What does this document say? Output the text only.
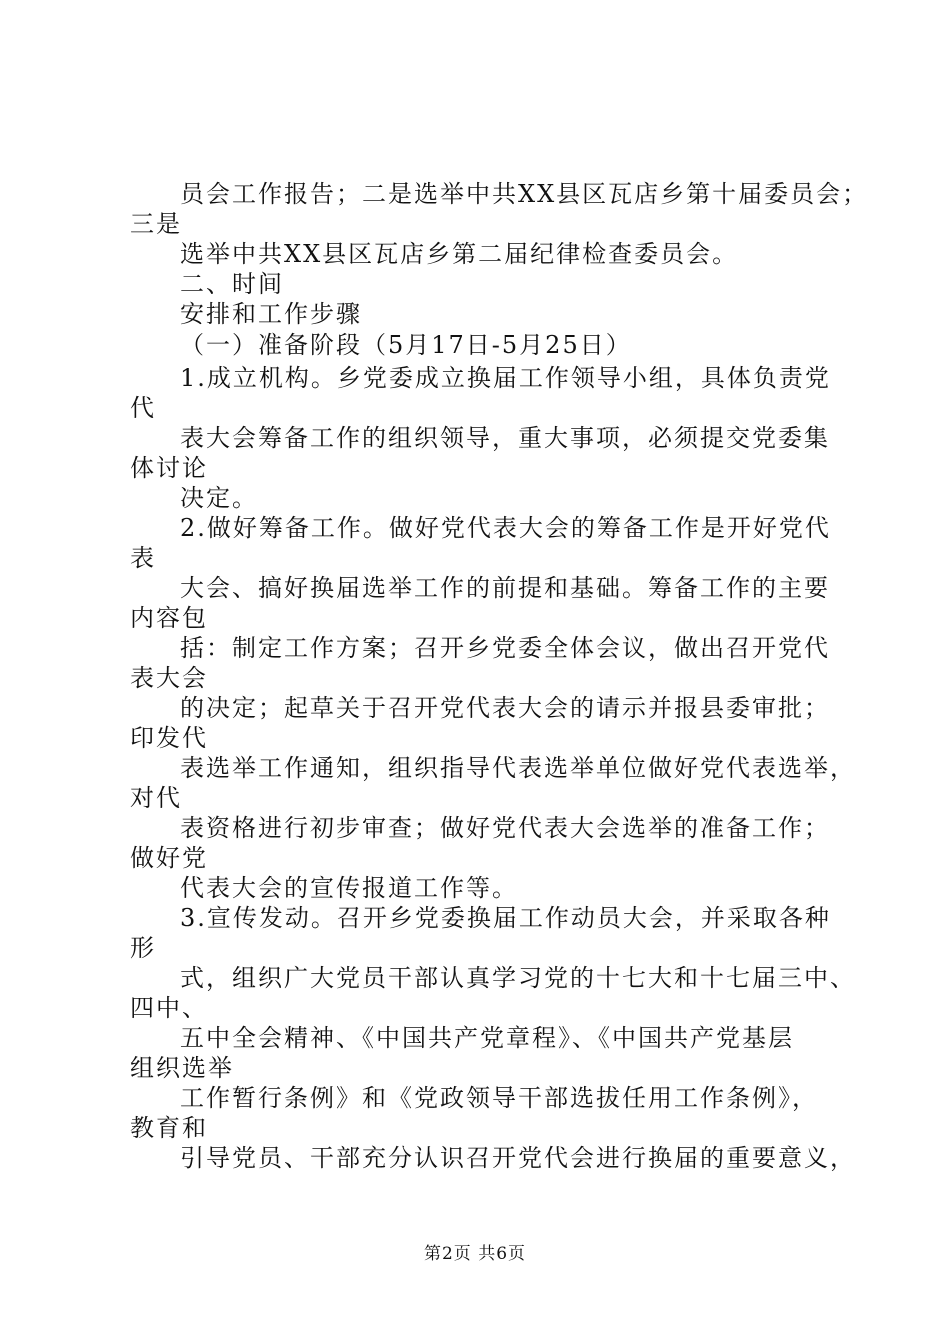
员会工作报告；二是选举中共XX县区瓦店乡第十届委员会；
三是
选举中共XX县区瓦店乡第二届纪律检查委员会。
二、时间
安排和工作步骤
（一）准备阶段（5月17日-5月25日）
1.成立机构。乡党委成立换届工作领导小组，具体负责党
代
表大会筹备工作的组织领导，重大事项，必须提交党委集
体讨论
决定。
2.做好筹备工作。做好党代表大会的筹备工作是开好党代
表
大会、搞好换届选举工作的前提和基础。筹备工作的主要
内容包
括：制定工作方案；召开乡党委全体会议，做出召开党代
表大会
的决定；起草关于召开党代表大会的请示并报县委审批；
印发代
表选举工作通知，组织指导代表选举单位做好党代表选举，
对代
表资格进行初步审查；做好党代表大会选举的准备工作；
做好党
代表大会的宣传报道工作等。
3.宣传发动。召开乡党委换届工作动员大会，并采取各种
形
式，组织广大党员干部认真学习党的十七大和十七届三中、
四中、
五中全会精神、《中国共产党章程》、《中国共产党基层
组织选举
工作暂行条例》和《党政领导干部选拔任用工作条例》，
教育和
引导党员、干部充分认识召开党代会进行换届的重要意义，
第2页 共6页
